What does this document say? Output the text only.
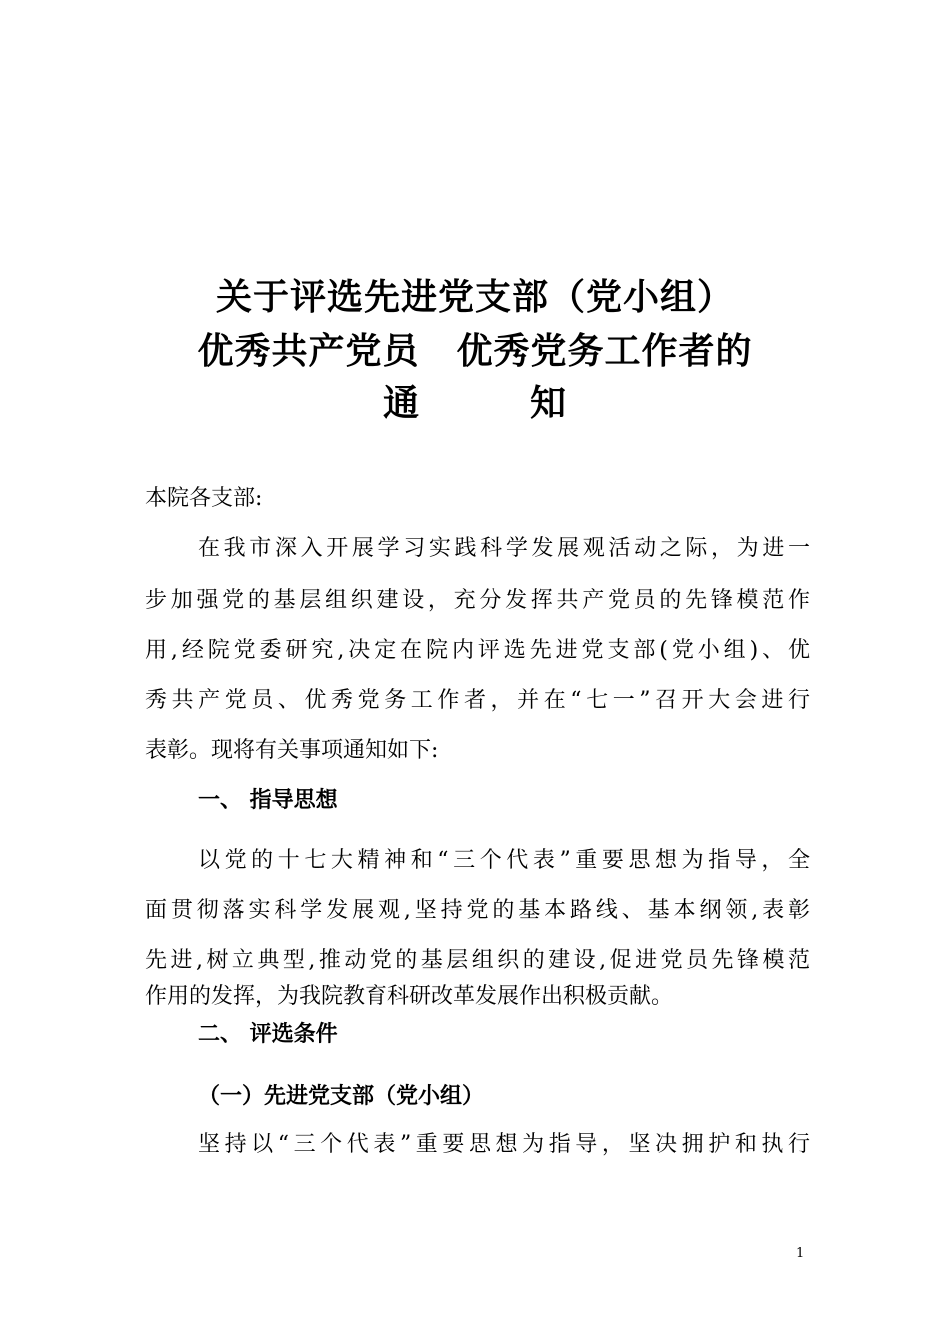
关于评选先进党支部（党小组）
优秀共产党员　优秀党务工作者的
通	知
本院各支部:
在我市深入开展学习实践科学发展观活动之际，为进一
步加强党的基层组织建设，充分发挥共产党员的先锋模范作
用,经院党委研究,决定在院内评选先进党支部(党小组)、优
秀共产党员、优秀党务工作者，并在“七一”召开大会进行
表彰。现将有关事项通知如下:
一、 指导思想
以党的十七大精神和“三个代表”重要思想为指导，全
面贯彻落实科学发展观,坚持党的基本路线、基本纲领,表彰
先进,树立典型,推动党的基层组织的建设,促进党员先锋模范
作用的发挥，为我院教育科研改革发展作出积极贡献。
二、 评选条件
（一）先进党支部（党小组）
坚持以“三个代表”重要思想为指导，坚决拥护和执行
1
